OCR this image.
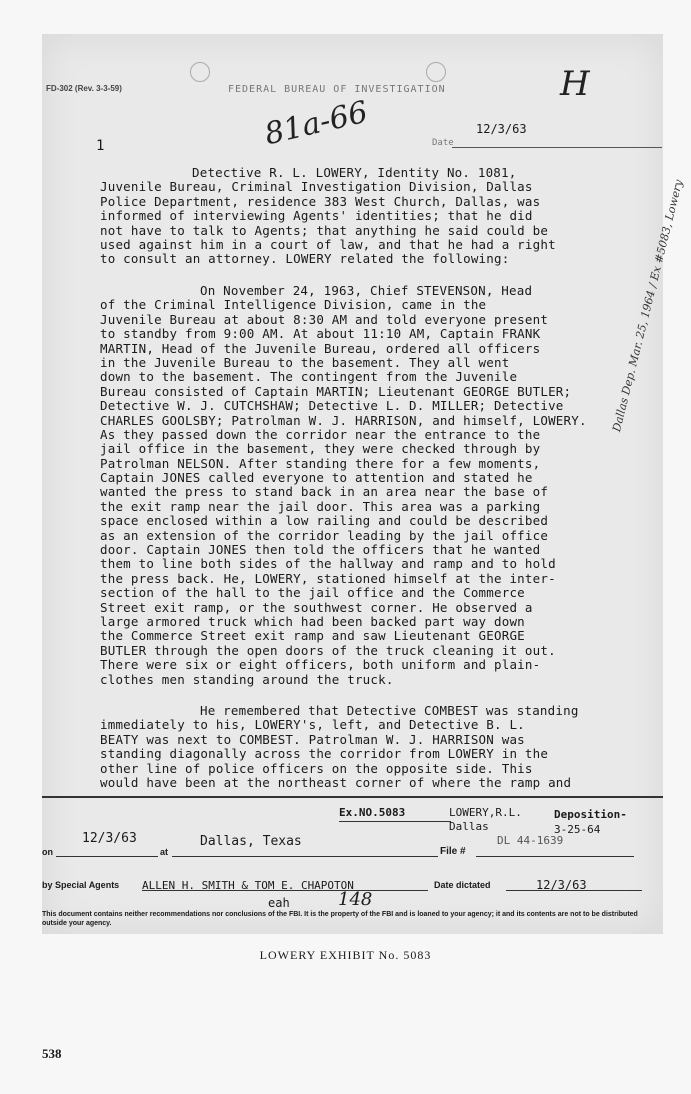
FD-302 (Rev. 3-3-59)	FEDERAL BUREAU OF INVESTIGATION	H
81a-66
1	Date
12/3/63
Detective R. L. LOWERY, Identity No. 1081,
Juvenile Bureau, Criminal Investigation Division, Dallas
Police Department, residence 383 West Church, Dallas, was
informed of interviewing Agents' identities; that he did
not have to talk to Agents; that anything he said could be
used against him in a court of law, and that he had a right
to consult an attorney. LOWERY related the following:
On November 24, 1963, Chief STEVENSON, Head
of the Criminal Intelligence Division, came in the
Juvenile Bureau at about 8:30 AM and told everyone present
to standby from 9:00 AM. At about 11:10 AM, Captain FRANK
MARTIN, Head of the Juvenile Bureau, ordered all officers
in the Juvenile Bureau to the basement. They all went
down to the basement. The contingent from the Juvenile
Bureau consisted of Captain MARTIN; Lieutenant GEORGE BUTLER;
Detective W. J. CUTCHSHAW; Detective L. D. MILLER; Detective
CHARLES GOOLSBY; Patrolman W. J. HARRISON, and himself, LOWERY.
As they passed down the corridor near the entrance to the
jail office in the basement, they were checked through by
Patrolman NELSON. After standing there for a few moments,
Captain JONES called everyone to attention and stated he
wanted the press to stand back in an area near the base of
the exit ramp near the jail door. This area was a parking
space enclosed within a low railing and could be described
as an extension of the corridor leading by the jail office
door. Captain JONES then told the officers that he wanted
them to line both sides of the hallway and ramp and to hold
the press back. He, LOWERY, stationed himself at the inter-
section of the hall to the jail office and the Commerce
Street exit ramp, or the southwest corner. He observed a
large armored truck which had been backed part way down
the Commerce Street exit ramp and saw Lieutenant GEORGE
BUTLER through the open doors of the truck cleaning it out.
There were six or eight officers, both uniform and plain-
clothes men standing around the truck.
He remembered that Detective COMBEST was standing
immediately to his, LOWERY's, left, and Detective B. L.
BEATY was next to COMBEST. Patrolman W. J. HARRISON was
standing diagonally across the corridor from LOWERY in the
other line of police officers on the opposite side. This
would have been at the northeast corner of where the ramp and
Dallas Dep. Mar. 25, 1964 / Ex #5083, Lowery
Ex.NO.5083	LOWERY,R.L.
Dallas
Deposition-
3-25-64
on
12/3/63
at
Dallas, Texas
File #
DL 44-1639
by Special Agents ALLEN H. SMITH & TOM E. CHAPOTON	Date dictated	12/3/63
eah	148
This document contains neither recommendations nor conclusions of the FBI. It is the property of the FBI and is loaned to your agency; it and its contents are not to be distributed outside your agency.
LOWERY EXHIBIT No. 5083
538
